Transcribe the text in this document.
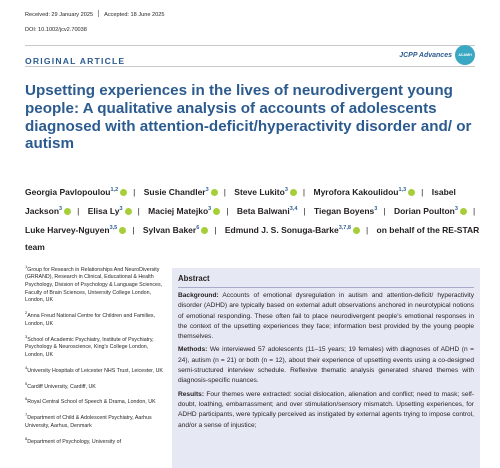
Received: 29 January 2025 Accepted: 18 June 2025
DOI: 10.1002/jcv2.70038
ORIGINAL ARTICLE
JCPP Advances	ACAMH
Upsetting experiences in the lives of neurodivergent young people: A qualitative analysis of accounts of adolescents diagnosed with attention-deficit/hyperactivity disorder and/ or autism
Georgia Pavlopoulou$^{1,2}$ | Susie Chandler$^3$ | Steve Lukito$^3$ | Myrofora Kakoulidou$^{1,3}$ | Isabel Jackson$^3$ | Elisa Ly$^3$ | Maciej Matejko$^3$ | Beta Balwani$^{3,4}$ | Tiegan Boyens$^3$ | Dorian Poulton$^3$ | Luke Harvey-Nguyen$^{3,5}$ | Sylvan Baker$^6$ | Edmund J. S. Sonuga-Barke$^{3,7,8}$ | on behalf of the RE-STAR team

$^1$Group for Research in Relationships And NeuroDiversity (GRRAND), Research in Clinical, Educational & Health Psychology, Division of Psychology & Language Sciences, Faculty of Brain Sciences, University College London, London, UK

$^2$Anna Freud National Centre for Children and Families, London, UK

$^3$School of Academic Psychiatry, Institute of Psychiatry, Psychology & Neuroscience, King's College London, London, UK

$^4$University Hospitals of Leicester NHS Trust, Leicester, UK

$^5$Cardiff University, Cardiff, UK

$^6$Royal Central School of Speech & Drama, London, UK

$^7$Department of Child & Adolescent Psychiatry, Aarhus University, Aarhus, Denmark

$^8$Department of Psychology, University of

Abstract

Background: Accounts of emotional dysregulation in autism and attention-deficit/ hyperactivity disorder (ADHD) are typically based on external adult observations anchored in neurotypical notions of emotional responding. These often fail to place neurodivergent people's emotional responses in the context of the upsetting experiences they face; information best provided by the young people themselves.

Methods: We interviewed 57 adolescents (11–15 years; 19 females) with diagnoses of ADHD (n = 24), autism (n = 21) or both (n = 12), about their experience of upsetting events using a co-designed semi-structured interview schedule. Reflexive thematic analysis generated shared themes with diagnosis-specific nuances.

Results: Four themes were extracted: social dislocation, alienation and conflict; need to mask; self-doubt, loathing, embarrassment; and over stimulation/sensory mismatch. Upsetting experiences, for ADHD participants, were typically perceived as instigated by external agents trying to impose control, and/or a sense of injustice;
